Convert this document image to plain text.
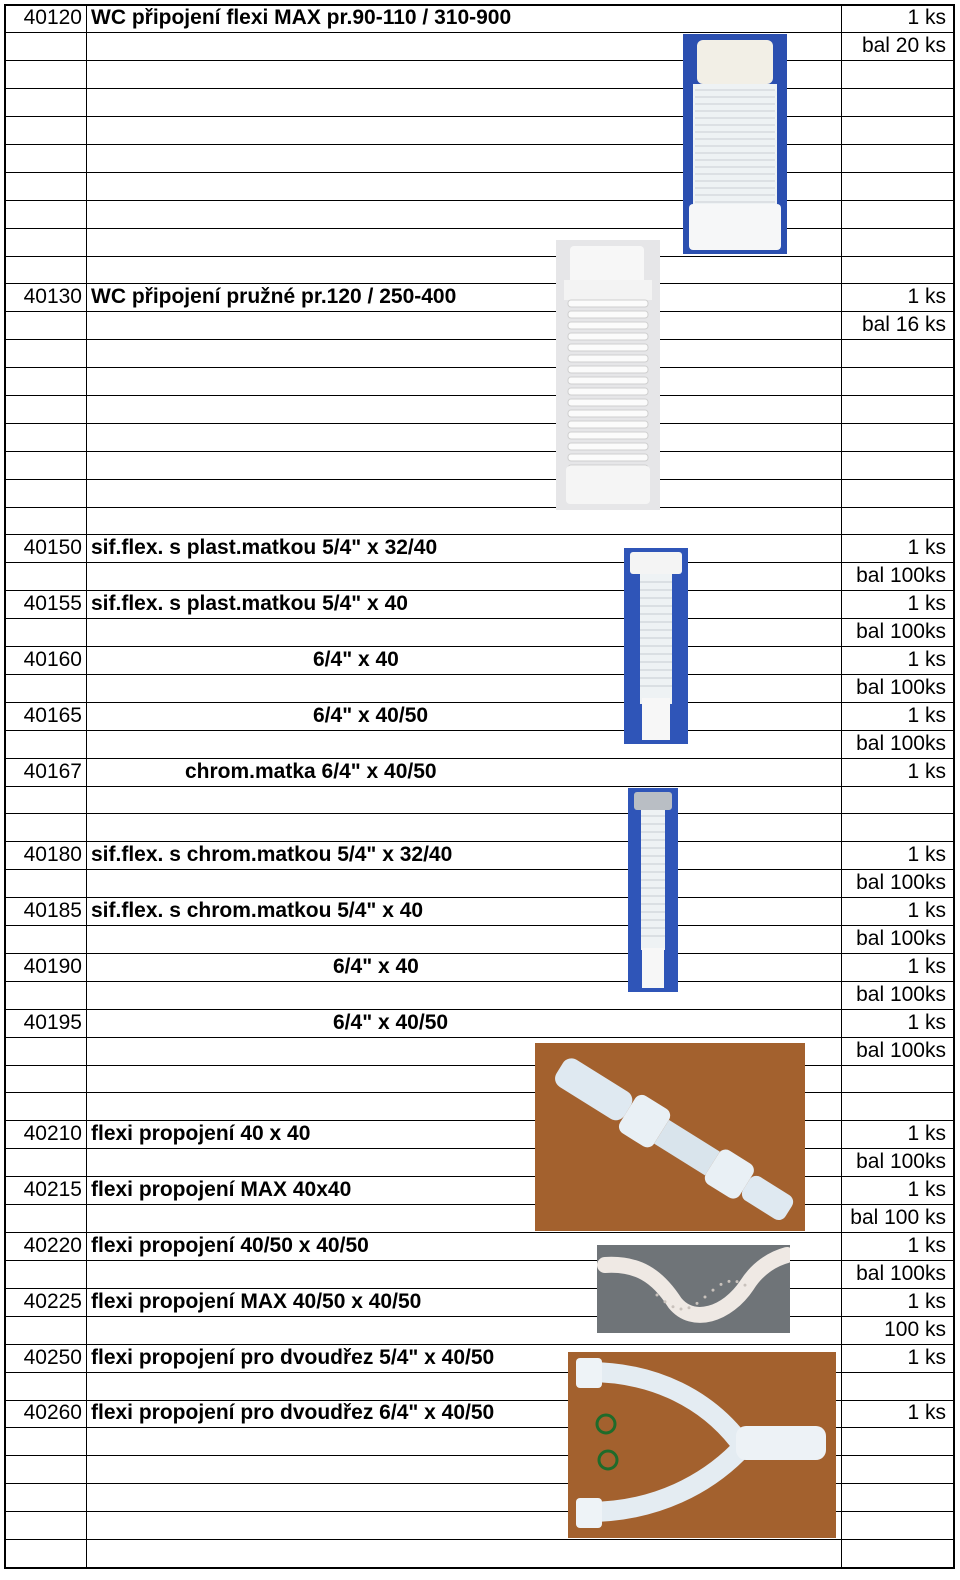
40120 WC připojení flexi MAX pr.90-110 / 310-900	1 ks
bal 20 ks
40130 WC připojení pružné pr.120 / 250-400	1 ks
bal 16 ks
40150 sif.flex. s plast.matkou 5/4" x 32/40	1 ks
bal 100ks
40155 sif.flex. s plast.matkou 5/4" x 40	1 ks
bal 100ks
40160	6/4" x 40	1 ks
bal 100ks
40165	6/4" x 40/50	1 ks
bal 100ks
40167	chrom.matka 6/4" x 40/50	1 ks
40180 sif.flex. s chrom.matkou 5/4" x 32/40	1 ks
bal 100ks
40185 sif.flex. s chrom.matkou 5/4" x 40	1 ks
bal 100ks
40190	6/4" x 40	1 ks
bal 100ks
40195	6/4" x 40/50	1 ks
bal 100ks
40210 flexi propojení 40 x 40	1 ks
bal 100ks
40215 flexi propojení MAX 40x40	1 ks
bal 100 ks
40220 flexi propojení 40/50 x 40/50	1 ks
bal 100ks
40225 flexi propojení MAX 40/50 x 40/50	1 ks
100 ks
40250 flexi propojení pro dvoudřez 5/4" x 40/50	1 ks
40260 flexi propojení pro dvoudřez 6/4" x 40/50	1 ks
